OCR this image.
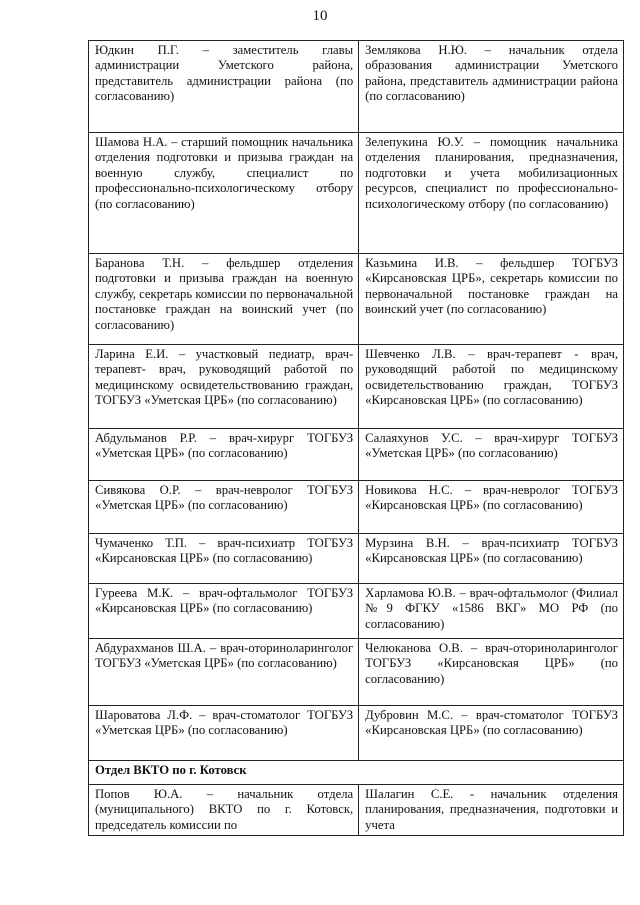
10
Юдкин П.Г. – заместитель главы администрации Уметского района, представитель администрации района (по согласованию)	Землякова Н.Ю. – начальник отдела образования администрации Уметского района, представитель администрации района (по согласованию)
Шамова Н.А. – старший помощник начальника отделения подготовки и призыва граждан на военную службу, специалист по профессионально-психологическому отбору (по согласованию)	Зелепукина Ю.У. – помощник начальника отделения планирования, предназначения, подготовки и учета мобилизационных ресурсов, специалист по профессионально-психологическому отбору (по согласованию)
Баранова Т.Н. – фельдшер отделения подготовки и призыва граждан на военную службу, секретарь комиссии по первоначальной постановке граждан на воинский учет (по согласованию)	Казьмина И.В. – фельдшер ТОГБУЗ «Кирсановская ЦРБ», секретарь комиссии по первоначальной постановке граждан на воинский учет (по согласованию)
Ларина Е.И. – участковый педиатр, врач-терапевт- врач, руководящий работой по медицинскому освидетельствованию граждан, ТОГБУЗ «Уметская ЦРБ» (по согласованию)	Шевченко Л.В. – врач-терапевт - врач, руководящий работой по медицинскому освидетельствованию граждан, ТОГБУЗ «Кирсановская ЦРБ» (по согласованию)
Абдульманов Р.Р. – врач-хирург ТОГБУЗ «Уметская ЦРБ» (по согласованию)	Салаяхунов У.С. – врач-хирург ТОГБУЗ «Уметская ЦРБ» (по согласованию)
Сивякова О.Р. – врач-невролог ТОГБУЗ «Уметская ЦРБ» (по согласованию)	Новикова Н.С. – врач-невролог ТОГБУЗ «Кирсановская ЦРБ» (по согласованию)
Чумаченко Т.П. – врач-психиатр ТОГБУЗ «Кирсановская ЦРБ» (по согласованию)	Мурзина В.Н. – врач-психиатр ТОГБУЗ «Кирсановская ЦРБ» (по согласованию)
Гуреева М.К. – врач-офтальмолог ТОГБУЗ «Кирсановская ЦРБ» (по согласованию)	Харламова Ю.В. – врач-офтальмолог (Филиал №9 ФГКУ «1586 ВКГ» МО РФ (по согласованию)
Абдурахманов Ш.А. – врач-оториноларинголог ТОГБУЗ «Уметская ЦРБ» (по согласованию)	Челюканова О.В. – врач-оториноларинголог ТОГБУЗ «Кирсановская ЦРБ» (по согласованию)
Шароватова Л.Ф. – врач-стоматолог ТОГБУЗ «Уметская ЦРБ» (по согласованию)	Дубровин М.С. – врач-стоматолог ТОГБУЗ «Кирсановская ЦРБ» (по согласованию)
Отдел ВКТО по г. Котовск	
Попов Ю.А. – начальник отдела (муниципального) ВКТО по г. Котовск, председатель комиссии по	Шалагин С.Е. - начальник отделения планирования, предназначения, подготовки и учета
